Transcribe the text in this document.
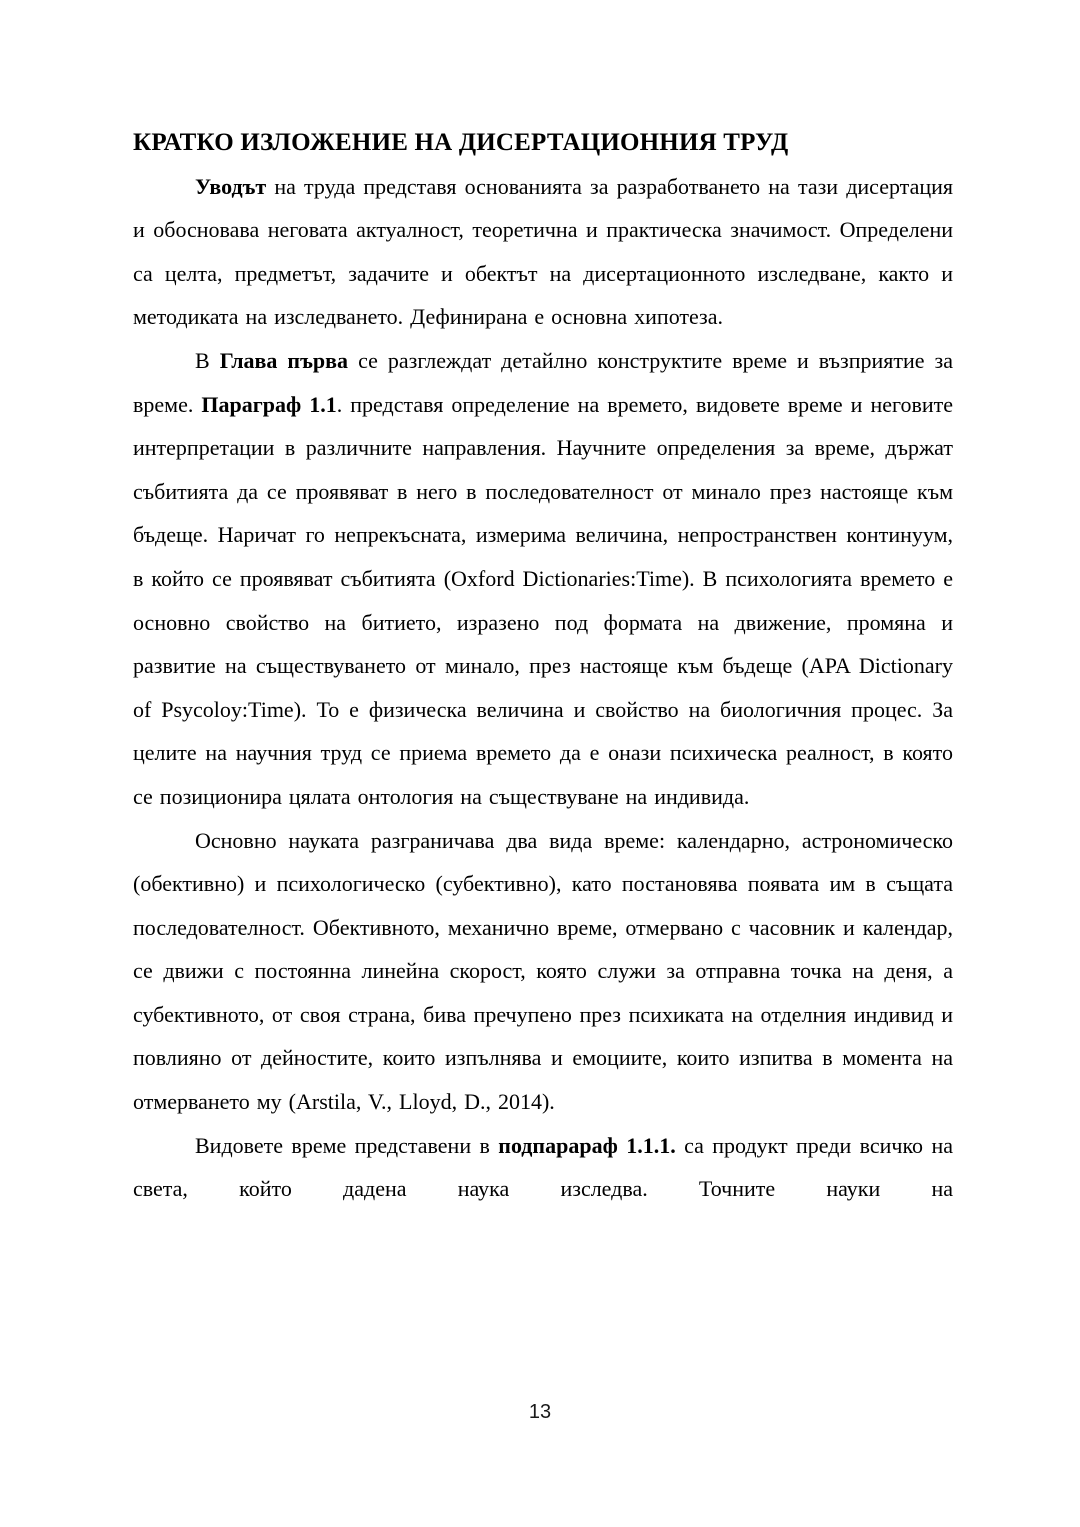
КРАТКО ИЗЛОЖЕНИЕ НА ДИСЕРТАЦИОННИЯ ТРУД

Уводът на труда представя основанията за разработването на тази дисертация и обосновава неговата актуалност, теоретична и практическа значимост. Определени са целта, предметът, задачите и обектът на дисертационното изследване, както и методиката на изследването. Дефинирана е основна хипотеза.

В Глава първа се разглеждат детайлно конструктите време и възприятие за време. Параграф 1.1. представя определение на времето, видовете време и неговите интерпретации в различните направления. Научните определения за време, държат събитията да се проявяват в него в последователност от минало през настояще към бъдеще. Наричат го непрекъсната, измерима величина, непространствен континуум, в който се проявяват събитията (Oxford Dictionaries:Time). В психологията времето е основно свойство на битието, изразено под формата на движение, промяна и развитие на съществуването от минало, през настояще към бъдеще (APA Dictionary of Psycoloy:Time). То е физическа величина и свойство на биологичния процес. За целите на научния труд се приема времето да е онази психическа реалност, в която се позиционира цялата онтология на съществуване на индивида.

Основно науката разграничава два вида време: календарно, астрономическо (обективно) и психологическо (субективно), като постановява появата им в същата последователност. Обективното, механично време, отмервано с часовник и календар, се движи с постоянна линейна скорост, която служи за отправна точка на деня, а субективното, от своя страна, бива пречупено през психиката на отделния индивид и повлияно от дейностите, които изпълнява и емоциите, които изпитва в момента на отмерването му (Arstila, V., Lloyd, D., 2014).

Видовете време представени в подпарараф 1.1.1. са продукт преди всичко на света, който дадена наука изследва. Точните науки на

13
